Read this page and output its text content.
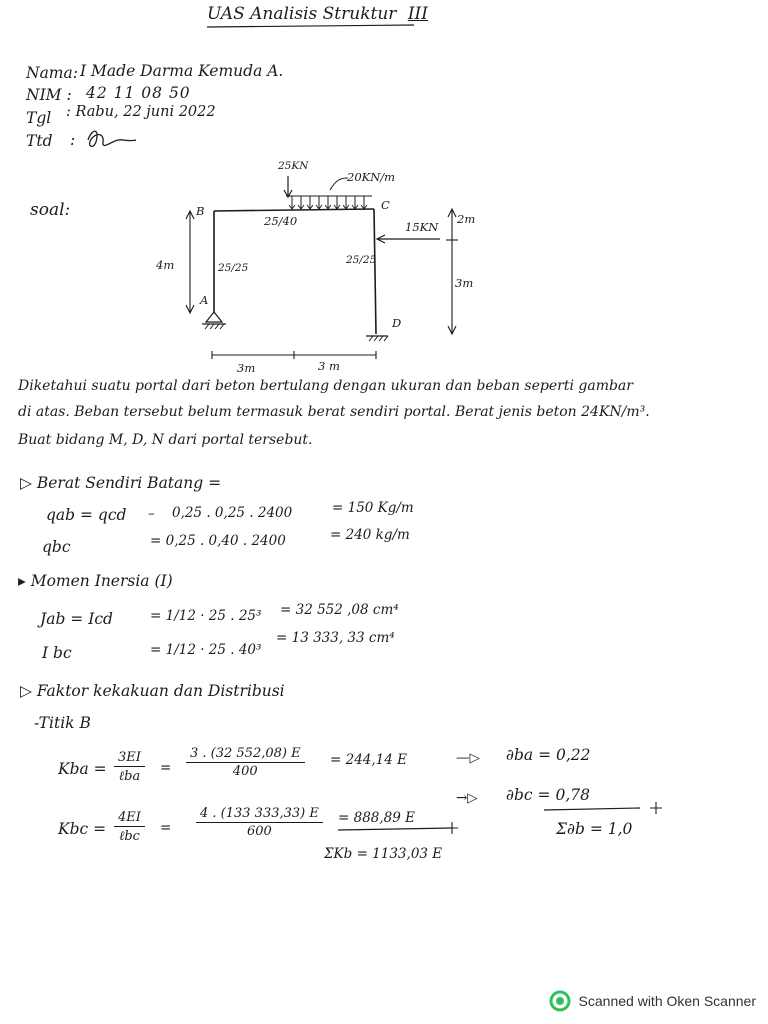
UAS Analisis Struktur III
Nama: I Made Darma Kemuda A.
NIM : 42 11 08 50
Tgl : Rabu, 22 juni 2022
Ttd :
soal:
25KN
20KN/m
B	C
A
D
25/40
25/25
25/25
15KN
4m
2m
3m
3m	3 m
Diketahui suatu portal dari beton bertulang dengan ukuran dan beban seperti gambar
di atas. Beban tersebut belum termasuk berat sendiri portal. Berat jenis beton 24KN/m³.
Buat bidang M, D, N dari portal tersebut.
▷ Berat Sendiri Batang =
qab = qcd – 0,25 . 0,25 . 2400	= 150 Kg/m
qbc	= 0,25 . 0,40 . 2400	= 240 kg/m
▸ Momen Inersia (I)
Jab = Icd	= 1/12 · 25 . 25³ = 32 552 ,08 cm⁴
I bc	= 1/12 · 25 . 40³
= 13 333, 33 cm⁴
▷ Faktor kekakuan dan Distribusi
-Titik B
Kba =
3EI
ℓba
= $\frac{3 . (32 552,08) E}{400} = 244,14$ E	—▷ ∂ba = 0,22
Kbc =
4EI
ℓbc
= $\frac{4 . (133 333,33) E}{600} = 888,89$ E
→▷ ∂bc = 0,78
ΣKb = 1133,03 E
Σ∂b = 1,0
Scanned with Oken Scanner
